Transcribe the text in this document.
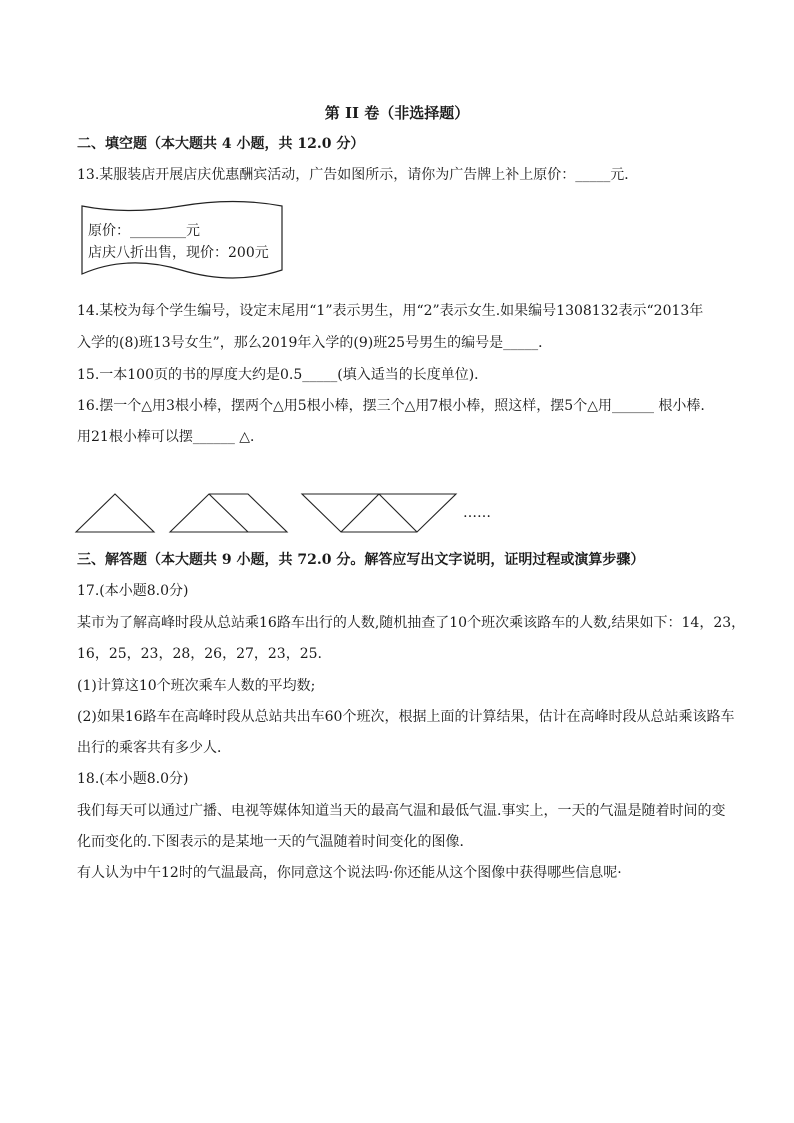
第 II 卷（非选择题）
二、填空题（本大题共 4 小题，共 12.0 分）
13.某服装店开展店庆优惠酬宾活动，广告如图所示，请你为广告牌上补上原价：_____元．
原价：________元
店庆八折出售，现价：200元
14.某校为每个学生编号，设定末尾用“1”表示男生，用“2”表示女生.如果编号1308132表示“2013年
入学的(8)班13号女生”，那么2019年入学的(9)班25号男生的编号是_____．
15.一本100页的书的厚度大约是0.5_____(填入适当的长度单位)．
16.摆一个△用3根小棒，摆两个△用5根小棒，摆三个△用7根小棒，照这样，摆5个△用______ 根小棒.
用21根小棒可以摆______ △．
……
三、解答题（本大题共 9 小题，共 72.0 分。解答应写出文字说明，证明过程或演算步骤）
17.(本小题8.0分)
某市为了解高峰时段从总站乘16路车出行的人数,随机抽查了10个班次乘该路车的人数,结果如下：14，23，
16，25，23，28，26，27，23，25.
(1)计算这10个班次乘车人数的平均数;
(2)如果16路车在高峰时段从总站共出车60个班次，根据上面的计算结果，估计在高峰时段从总站乘该路车
出行的乘客共有多少人．
18.(本小题8.0分)
我们每天可以通过广播、电视等媒体知道当天的最高气温和最低气温.事实上，一天的气温是随着时间的变
化而变化的.下图表示的是某地一天的气温随着时间变化的图像．
有人认为中午12时的气温最高，你同意这个说法吗·你还能从这个图像中获得哪些信息呢·
